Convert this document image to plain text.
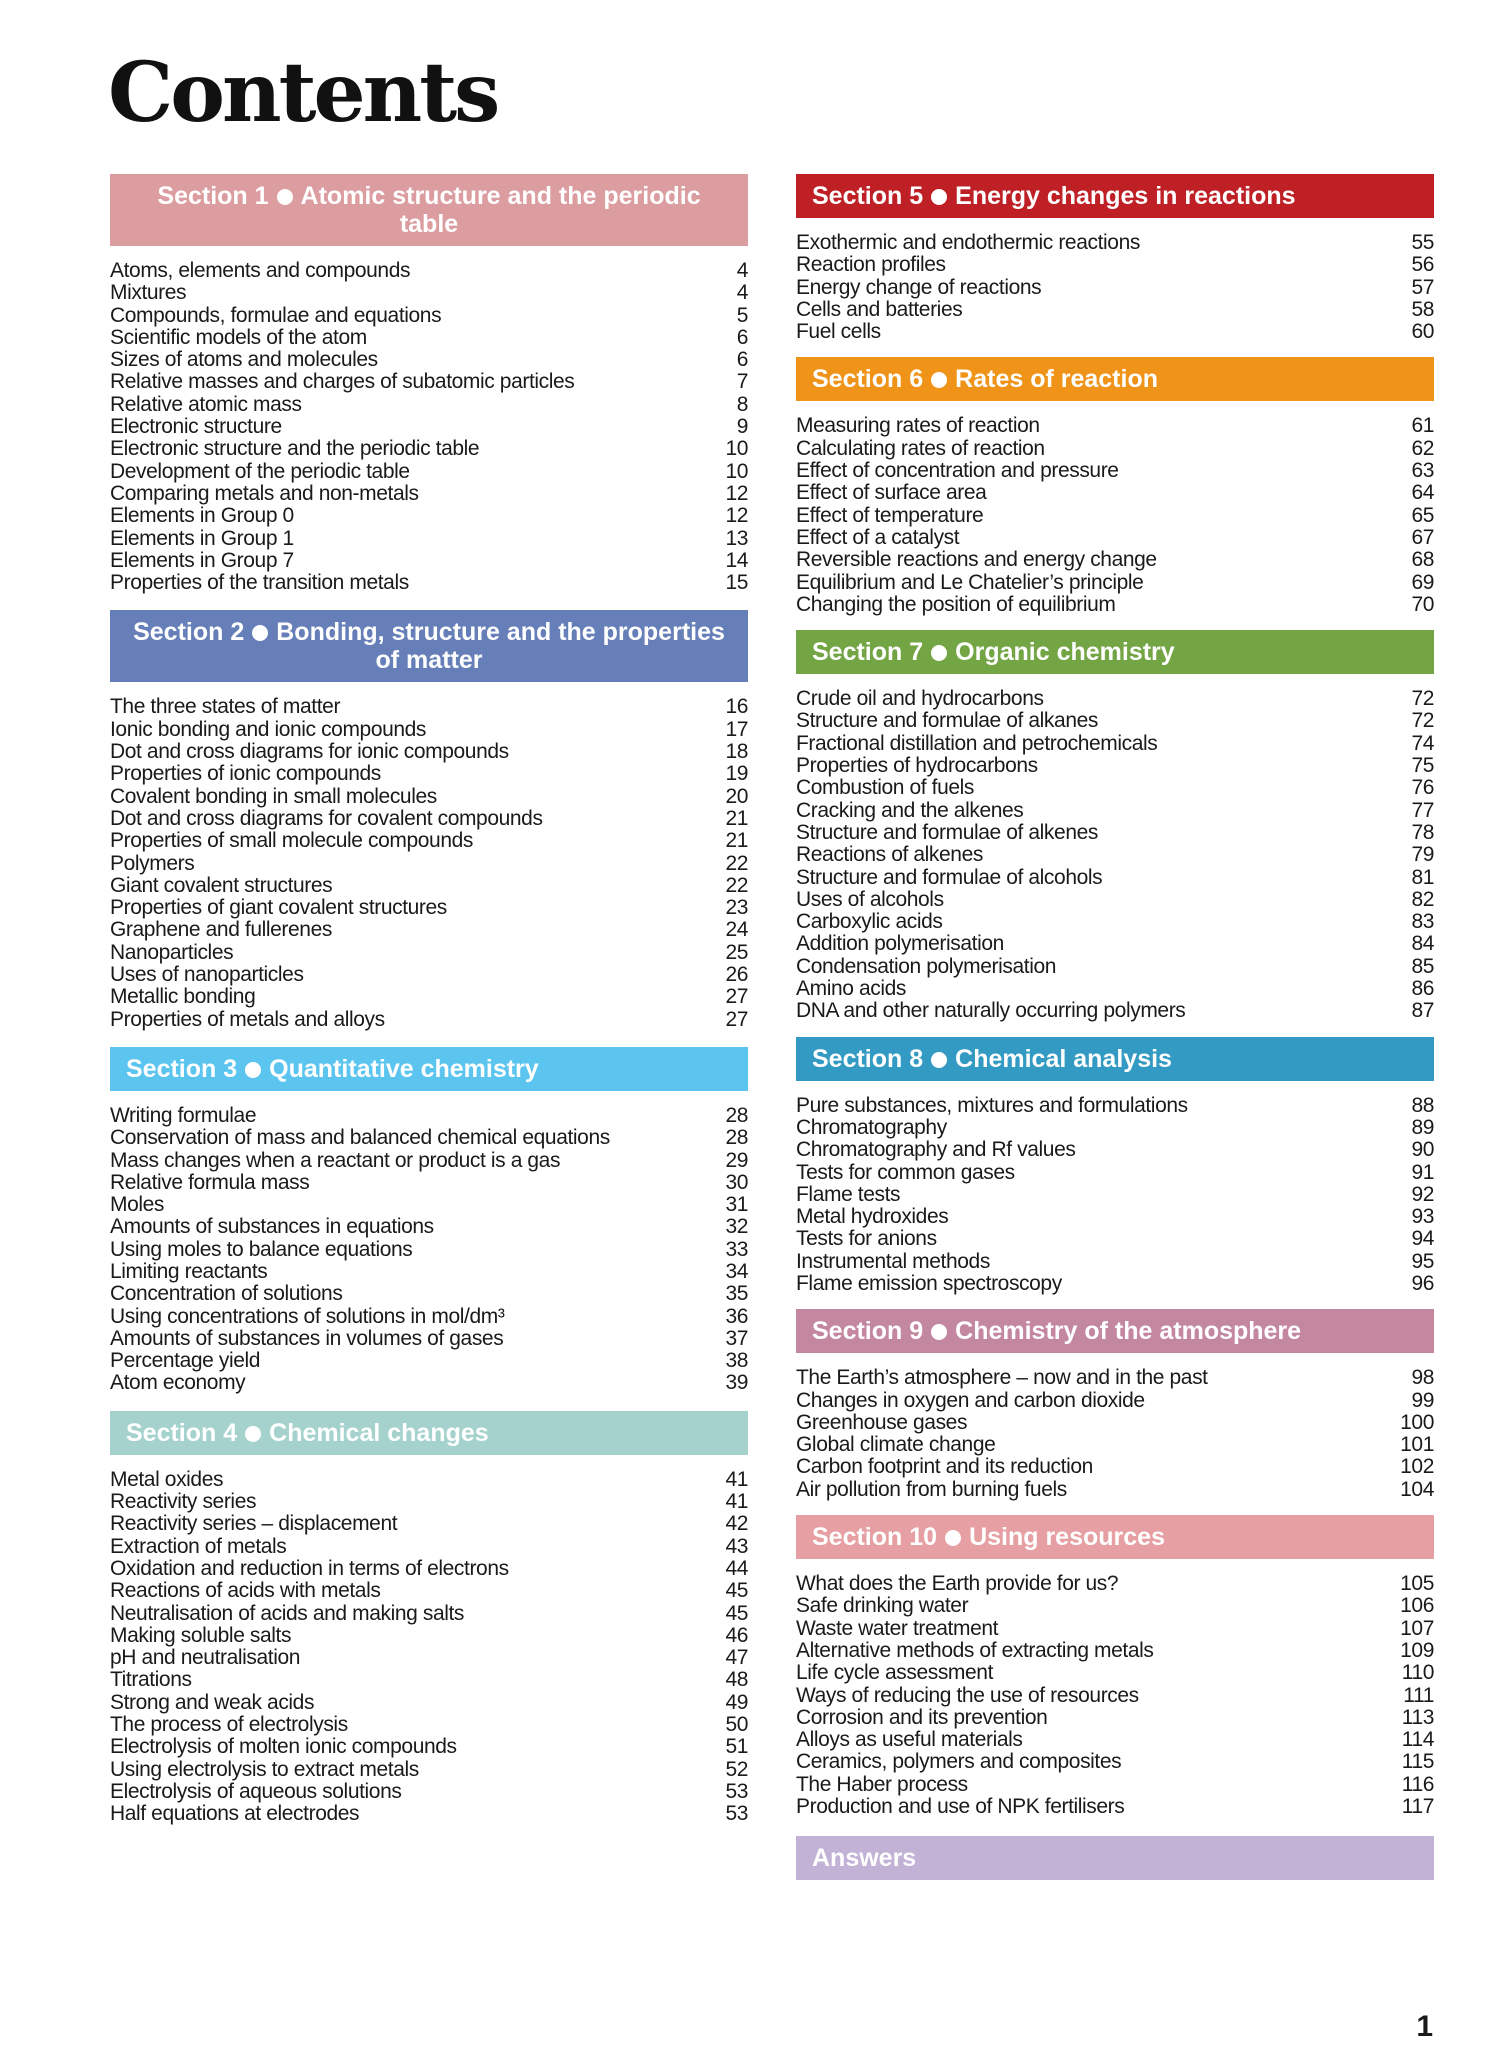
Contents
Section 1 Atomic structure and the periodic table
Atoms, elements and compounds	4
Mixtures	4
Compounds, formulae and equations	5
Scientific models of the atom	6
Sizes of atoms and molecules	6
Relative masses and charges of subatomic particles	7
Relative atomic mass	8
Electronic structure	9
Electronic structure and the periodic table	10
Development of the periodic table	10
Comparing metals and non-metals	12
Elements in Group 0	12
Elements in Group 1	13
Elements in Group 7	14
Properties of the transition metals	15
Section 2 Bonding, structure and the properties of matter
The three states of matter	16
Ionic bonding and ionic compounds	17
Dot and cross diagrams for ionic compounds	18
Properties of ionic compounds	19
Covalent bonding in small molecules	20
Dot and cross diagrams for covalent compounds	21
Properties of small molecule compounds	21
Polymers	22
Giant covalent structures	22
Properties of giant covalent structures	23
Graphene and fullerenes	24
Nanoparticles	25
Uses of nanoparticles	26
Metallic bonding	27
Properties of metals and alloys	27
Section 3 Quantitative chemistry
Writing formulae	28
Conservation of mass and balanced chemical equations	28
Mass changes when a reactant or product is a gas	29
Relative formula mass	30
Moles	31
Amounts of substances in equations	32
Using moles to balance equations	33
Limiting reactants	34
Concentration of solutions	35
Using concentrations of solutions in mol/dm³	36
Amounts of substances in volumes of gases	37
Percentage yield	38
Atom economy	39
Section 4 Chemical changes
Metal oxides	41
Reactivity series	41
Reactivity series – displacement	42
Extraction of metals	43
Oxidation and reduction in terms of electrons	44
Reactions of acids with metals	45
Neutralisation of acids and making salts	45
Making soluble salts	46
pH and neutralisation	47
Titrations	48
Strong and weak acids	49
The process of electrolysis	50
Electrolysis of molten ionic compounds	51
Using electrolysis to extract metals	52
Electrolysis of aqueous solutions	53
Half equations at electrodes	53
Section 5 Energy changes in reactions
Exothermic and endothermic reactions	55
Reaction profiles	56
Energy change of reactions	57
Cells and batteries	58
Fuel cells	60
Section 6 Rates of reaction
Measuring rates of reaction	61
Calculating rates of reaction	62
Effect of concentration and pressure	63
Effect of surface area	64
Effect of temperature	65
Effect of a catalyst	67
Reversible reactions and energy change	68
Equilibrium and Le Chatelier’s principle	69
Changing the position of equilibrium	70
Section 7 Organic chemistry
Crude oil and hydrocarbons	72
Structure and formulae of alkanes	72
Fractional distillation and petrochemicals	74
Properties of hydrocarbons	75
Combustion of fuels	76
Cracking and the alkenes	77
Structure and formulae of alkenes	78
Reactions of alkenes	79
Structure and formulae of alcohols	81
Uses of alcohols	82
Carboxylic acids	83
Addition polymerisation	84
Condensation polymerisation	85
Amino acids	86
DNA and other naturally occurring polymers	87
Section 8 Chemical analysis
Pure substances, mixtures and formulations	88
Chromatography	89
Chromatography and Rf values	90
Tests for common gases	91
Flame tests	92
Metal hydroxides	93
Tests for anions	94
Instrumental methods	95
Flame emission spectroscopy	96
Section 9 Chemistry of the atmosphere
The Earth’s atmosphere – now and in the past	98
Changes in oxygen and carbon dioxide	99
Greenhouse gases	100
Global climate change	101
Carbon footprint and its reduction	102
Air pollution from burning fuels	104
Section 10 Using resources
What does the Earth provide for us?	105
Safe drinking water	106
Waste water treatment	107
Alternative methods of extracting metals	109
Life cycle assessment	110
Ways of reducing the use of resources	111
Corrosion and its prevention	113
Alloys as useful materials	114
Ceramics, polymers and composites	115
The Haber process	116
Production and use of NPK fertilisers	117
Answers
1
